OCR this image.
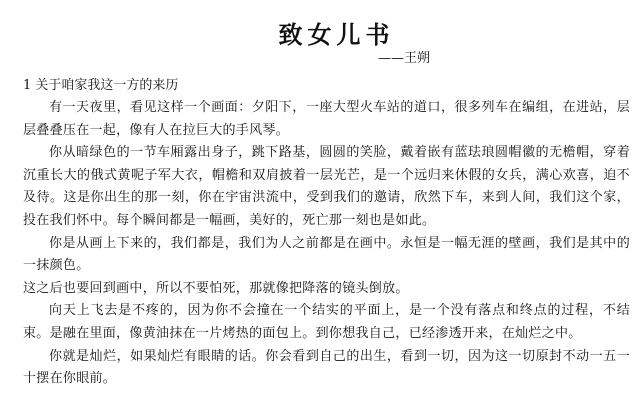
致女儿书
——王朔
1 关于咱家我这一方的来历

有一天夜里，看见这样一个画面：夕阳下，一座大型火车站的道口，很多列车在编组，在进站，层层叠叠压在一起，像有人在拉巨大的手风琴。

你从暗绿色的一节车厢露出身子，跳下路基，圆圆的笑脸，戴着嵌有蓝珐琅圆帽徽的无檐帽，穿着沉重长大的俄式黄呢子军大衣，帽檐和双肩披着一层光芒，是一个远归来休假的女兵，满心欢喜，迫不及待。这是你出生的那一刻，你在宇宙洪流中，受到我们的邀请，欣然下车，来到人间，我们这个家，投在我们怀中。每个瞬间都是一幅画，美好的，死亡那一刻也是如此。

你是从画上下来的，我们都是，我们为人之前都是在画中。永恒是一幅无涯的壁画，我们是其中的一抹颜色。

这之后也要回到画中，所以不要怕死，那就像把降落的镜头倒放。

向天上飞去是不疼的，因为你不会撞在一个结实的平面上，是一个没有落点和终点的过程，不结束。是融在里面，像黄油抹在一片烤热的面包上。到你想我自己，已经渗透开来，在灿烂之中。

你就是灿烂，如果灿烂有眼睛的话。你会看到自己的出生，看到一切，因为这一切原封不动一五一十摆在你眼前。
